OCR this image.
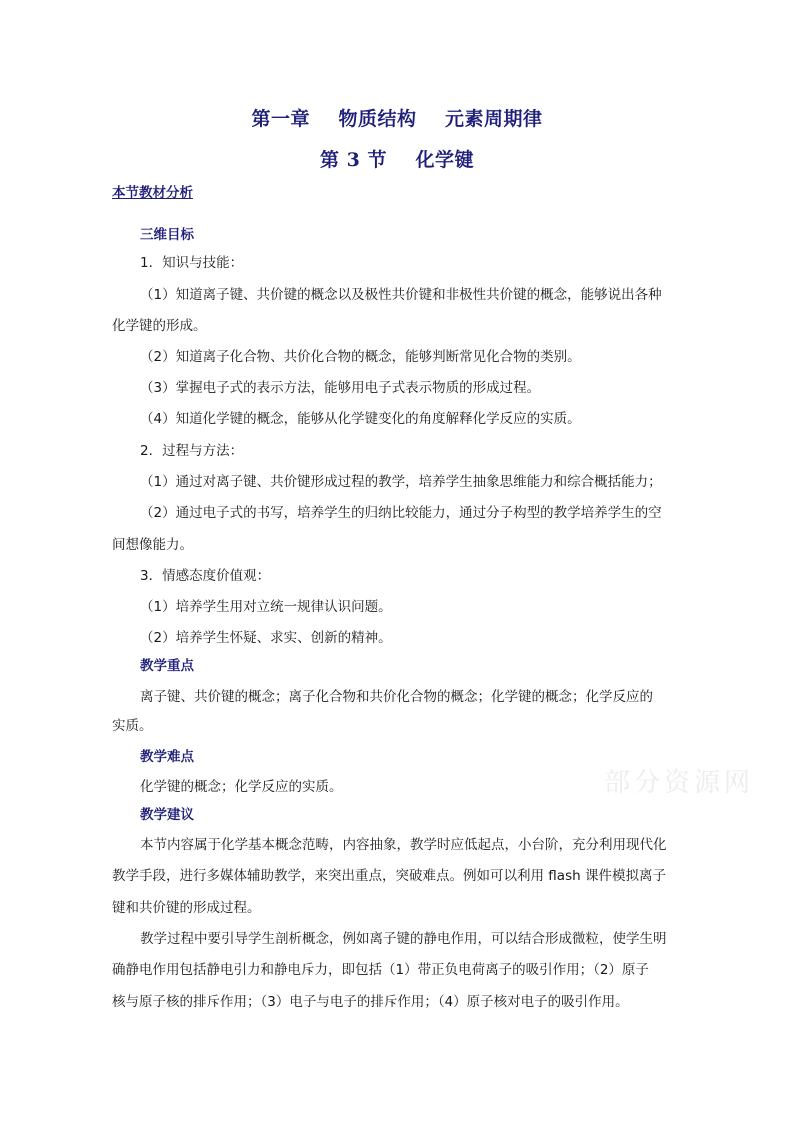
第一章    物质结构    元素周期律
第 3 节    化学键
本节教材分析
三维目标
1．知识与技能：
（1）知道离子键、共价键的概念以及极性共价键和非极性共价键的概念，能够说出各种
化学键的形成。
（2）知道离子化合物、共价化合物的概念，能够判断常见化合物的类别。
（3）掌握电子式的表示方法，能够用电子式表示物质的形成过程。
（4）知道化学键的概念，能够从化学键变化的角度解释化学反应的实质。
2．过程与方法：
（1）通过对离子键、共价键形成过程的教学，培养学生抽象思维能力和综合概括能力；
（2）通过电子式的书写，培养学生的归纳比较能力，通过分子构型的教学培养学生的空
间想像能力。
3．情感态度价值观：
（1）培养学生用对立统一规律认识问题。
（2）培养学生怀疑、求实、创新的精神。
教学重点
离子键、共价键的概念；离子化合物和共价化合物的概念；化学键的概念；化学反应的
实质。
教学难点
化学键的概念；化学反应的实质。
教学建议
本节内容属于化学基本概念范畴，内容抽象，教学时应低起点，小台阶，充分利用现代化
教学手段，进行多媒体辅助教学，来突出重点，突破难点。例如可以利用 flash 课件模拟离子
键和共价键的形成过程。
教学过程中要引导学生剖析概念，例如离子键的静电作用，可以结合形成微粒，使学生明
确静电作用包括静电引力和静电斥力，即包括（1）带正负电荷离子的吸引作用；（2）原子
核与原子核的排斥作用；（3）电子与电子的排斥作用；（4）原子核对电子的吸引作用。
部分资源网
